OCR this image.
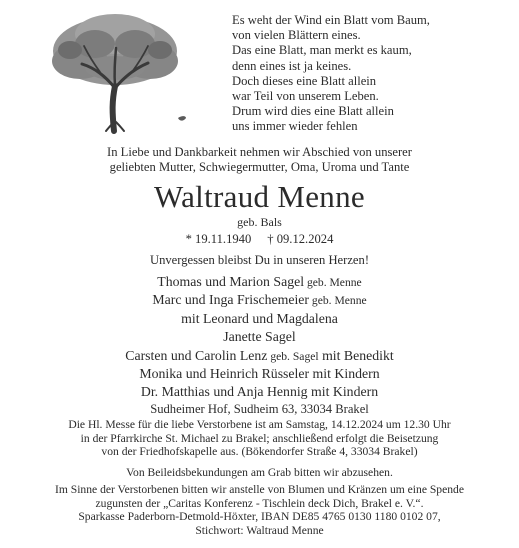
Es weht der Wind ein Blatt vom Baum,
von vielen Blättern eines.
Das eine Blatt, man merkt es kaum,
denn eines ist ja keines.
Doch dieses eine Blatt allein
war Teil von unserem Leben.
Drum wird dies eine Blatt allein
uns immer wieder fehlen
In Liebe und Dankbarkeit nehmen wir Abschied von unserer
geliebten Mutter, Schwiegermutter, Oma, Uroma und Tante
Waltraud Menne
geb. Bals
* 19.11.1940 † 09.12.2024
Unvergessen bleibst Du in unseren Herzen!
Thomas und Marion Sagel geb. Menne
Marc und Inga Frischemeier geb. Menne
mit Leonard und Magdalena
Janette Sagel
Carsten und Carolin Lenz geb. Sagel mit Benedikt
Monika und Heinrich Rüsseler mit Kindern
Dr. Matthias und Anja Hennig mit Kindern
Sudheimer Hof, Sudheim 63, 33034 Brakel
Die Hl. Messe für die liebe Verstorbene ist am Samstag, 14.12.2024 um 12.30 Uhr
in der Pfarrkirche St. Michael zu Brakel; anschließend erfolgt die Beisetzung
von der Friedhofskapelle aus. (Bökendorfer Straße 4, 33034 Brakel)
Von Beileidsbekundungen am Grab bitten wir abzusehen.
Im Sinne der Verstorbenen bitten wir anstelle von Blumen und Kränzen um eine Spende
zugunsten der „Caritas Konferenz - Tischlein deck Dich, Brakel e. V.“.
Sparkasse Paderborn-Detmold-Höxter, IBAN DE85 4765 0130 1180 0102 07,
Stichwort: Waltraud Menne
